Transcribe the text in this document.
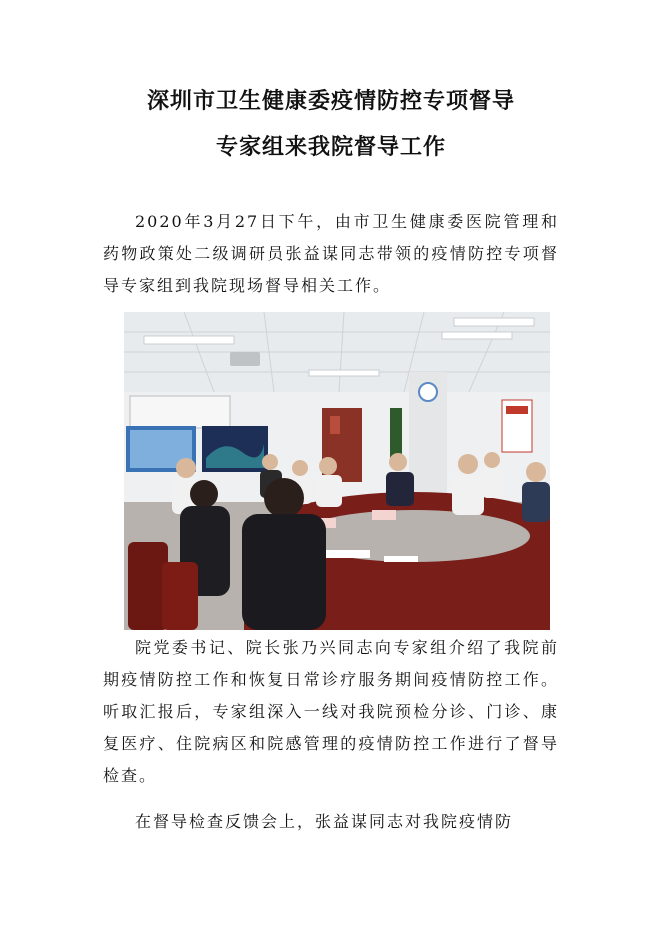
深圳市卫生健康委疫情防控专项督导
专家组来我院督导工作
2020年3月27日下午，由市卫生健康委医院管理和药物政策处二级调研员张益谋同志带领的疫情防控专项督导专家组到我院现场督导相关工作。
院党委书记、院长张乃兴同志向专家组介绍了我院前期疫情防控工作和恢复日常诊疗服务期间疫情防控工作。听取汇报后，专家组深入一线对我院预检分诊、门诊、康复医疗、住院病区和院感管理的疫情防控工作进行了督导检查。
在督导检查反馈会上，张益谋同志对我院疫情防
